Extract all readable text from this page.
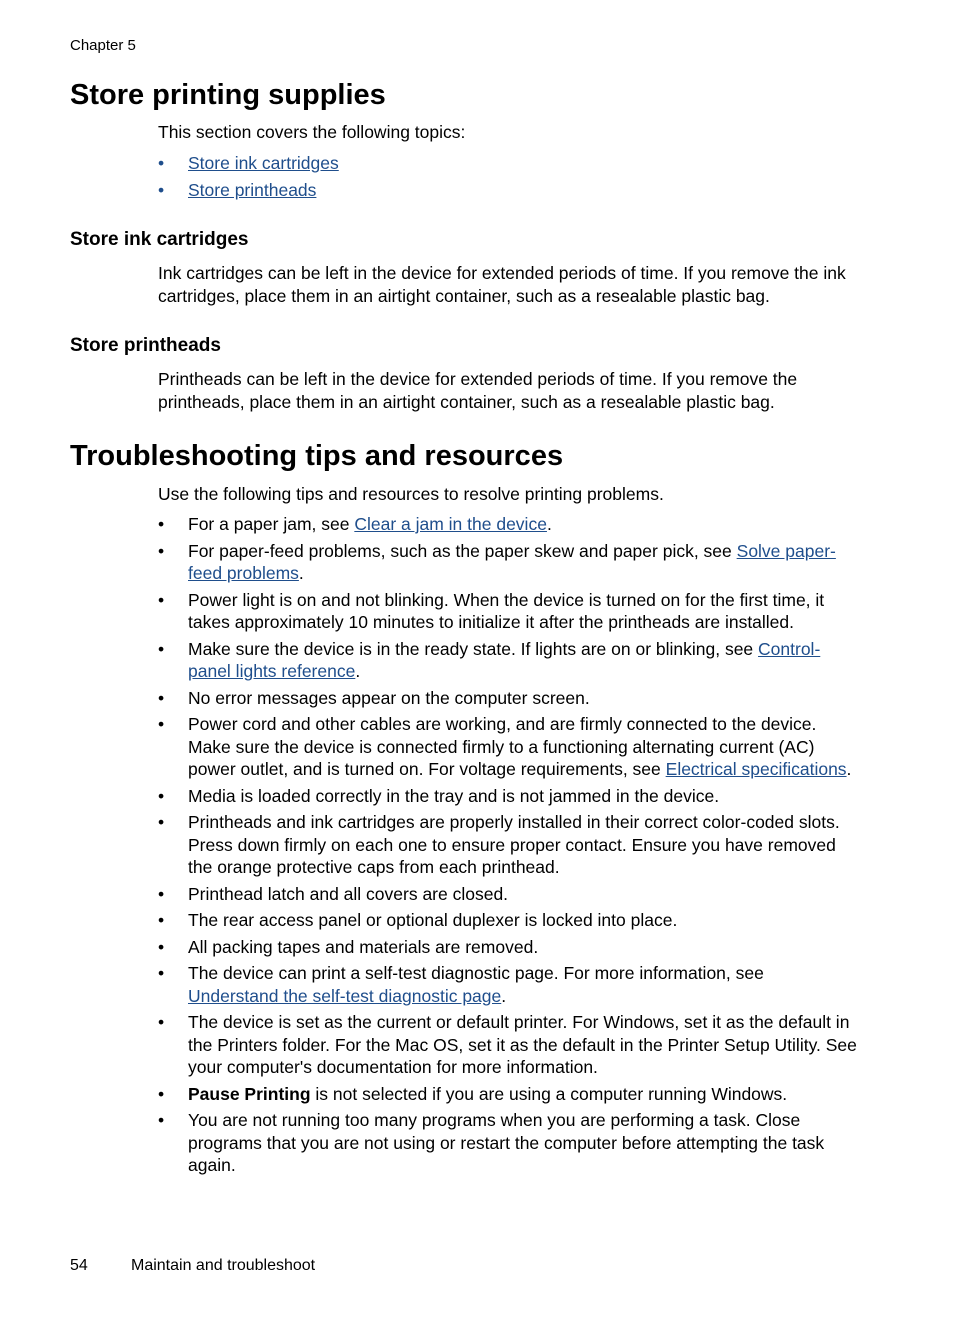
Chapter 5
Store printing supplies
This section covers the following topics:
• Store ink cartridges
• Store printheads
Store ink cartridges
Ink cartridges can be left in the device for extended periods of time. If you remove the ink cartridges, place them in an airtight container, such as a resealable plastic bag.
Store printheads
Printheads can be left in the device for extended periods of time. If you remove the printheads, place them in an airtight container, such as a resealable plastic bag.
Troubleshooting tips and resources
Use the following tips and resources to resolve printing problems.
• For a paper jam, see Clear a jam in the device.
• For paper-feed problems, such as the paper skew and paper pick, see Solve paper-feed problems.
• Power light is on and not blinking. When the device is turned on for the first time, it takes approximately 10 minutes to initialize it after the printheads are installed.
• Make sure the device is in the ready state. If lights are on or blinking, see Control-panel lights reference.
• No error messages appear on the computer screen.
• Power cord and other cables are working, and are firmly connected to the device. Make sure the device is connected firmly to a functioning alternating current (AC) power outlet, and is turned on. For voltage requirements, see Electrical specifications.
• Media is loaded correctly in the tray and is not jammed in the device.
• Printheads and ink cartridges are properly installed in their correct color-coded slots. Press down firmly on each one to ensure proper contact. Ensure you have removed the orange protective caps from each printhead.
• Printhead latch and all covers are closed.
• The rear access panel or optional duplexer is locked into place.
• All packing tapes and materials are removed.
• The device can print a self-test diagnostic page. For more information, see Understand the self-test diagnostic page.
• The device is set as the current or default printer. For Windows, set it as the default in the Printers folder. For the Mac OS, set it as the default in the Printer Setup Utility. See your computer's documentation for more information.
• Pause Printing is not selected if you are using a computer running Windows.
• You are not running too many programs when you are performing a task. Close programs that you are not using or restart the computer before attempting the task again.
54	Maintain and troubleshoot
